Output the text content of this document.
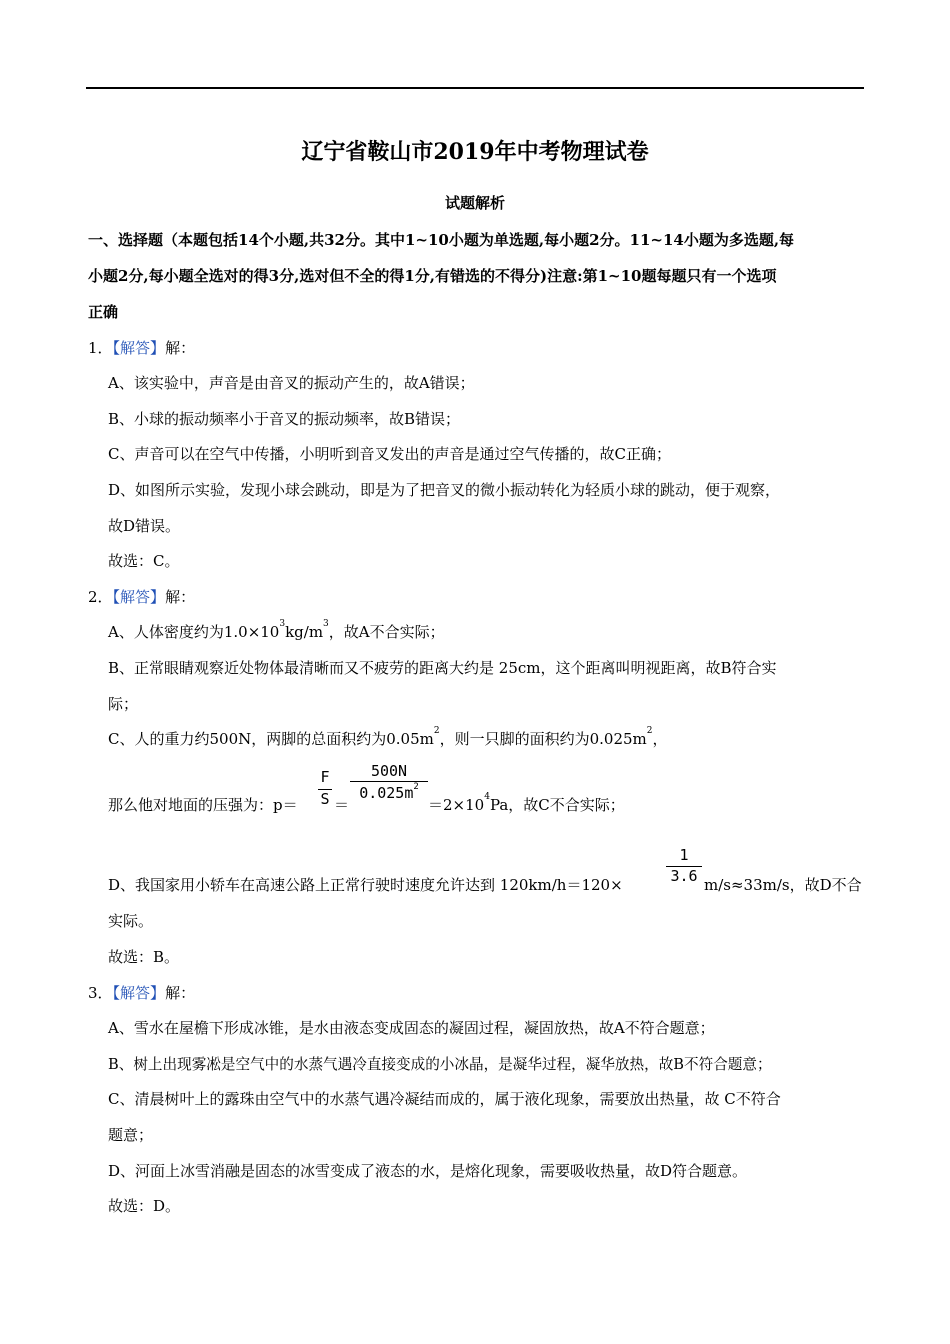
辽宁省鞍山市2019年中考物理试卷
试题解析
一、选择题（本题包括14个小题,共32分。其中1~10小题为单选题,每小题2分。11~14小题为多选题,每
小题2分,每小题全选对的得3分,选对但不全的得1分,有错选的不得分)注意:第1~10题每题只有一个选项
正确
1．【解答】解：
A、该实验中，声音是由音叉的振动产生的，故A错误；
B、小球的振动频率小于音叉的振动频率，故B错误；
C、声音可以在空气中传播，小明听到音叉发出的声音是通过空气传播的，故C正确；
D、如图所示实验，发现小球会跳动，即是为了把音叉的微小振动转化为轻质小球的跳动，便于观察，
故D错误。
故选：C。
2．【解答】解：
A、人体密度约为$1.0\times 10^3kg/m^3$，故A不合实际；
B、正常眼睛观察近处物体最清晰而又不疲劳的距离大约是 25cm，这个距离叫明视距离，故B符合实
际；
C、人的重力约500N，两脚的总面积约为$0.05m^2$，则一只脚的面积约为$0.025m^2$，
那么他对地面的压强为：p＝
F
S ＝
500N
$0.025m^2$
$=2\times 10^4Pa$，故C不合实际；
D、我国家用小轿车在高速公路上正常行驶时速度允许达到 120km/h＝120×
1
3.6 m/s≈33m/s，故D不合
实际。
故选：B。
3．【解答】解：
A、雪水在屋檐下形成冰锥，是水由液态变成固态的凝固过程，凝固放热，故A不符合题意；
B、树上出现雾凇是空气中的水蒸气遇冷直接变成的小冰晶，是凝华过程，凝华放热，故B不符合题意；
C、清晨树叶上的露珠由空气中的水蒸气遇冷凝结而成的，属于液化现象，需要放出热量，故 C不符合
题意；
D、河面上冰雪消融是固态的冰雪变成了液态的水，是熔化现象，需要吸收热量，故D符合题意。
故选：D。
